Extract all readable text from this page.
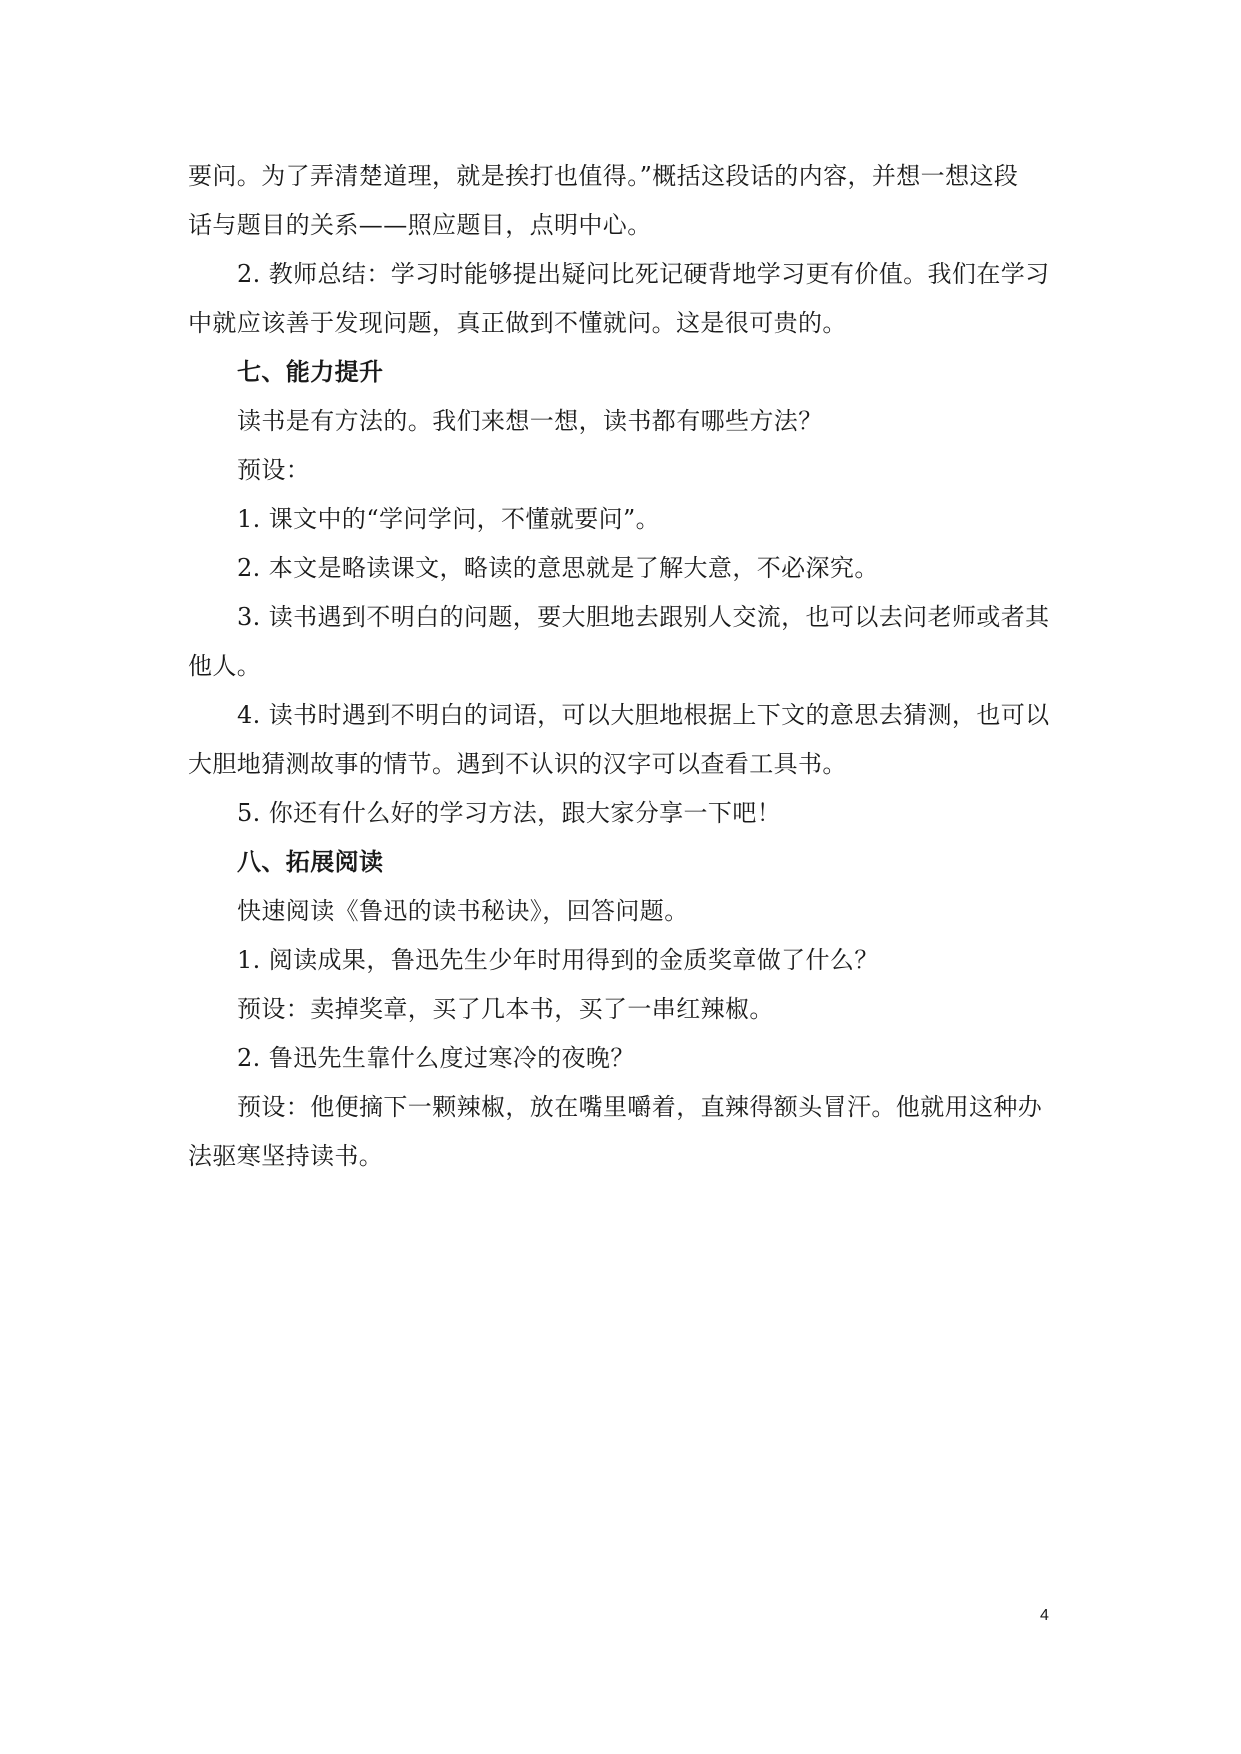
要问。为了弄清楚道理，就是挨打也值得。”概括这段话的内容，并想一想这段
话与题目的关系——照应题目，点明中心。
2. 教师总结：学习时能够提出疑问比死记硬背地学习更有价值。我们在学习
中就应该善于发现问题，真正做到不懂就问。这是很可贵的。
七、能力提升
读书是有方法的。我们来想一想，读书都有哪些方法？
预设：
1. 课文中的“学问学问，不懂就要问”。
2. 本文是略读课文，略读的意思就是了解大意，不必深究。
3. 读书遇到不明白的问题，要大胆地去跟别人交流，也可以去问老师或者其
他人。
4. 读书时遇到不明白的词语，可以大胆地根据上下文的意思去猜测，也可以
大胆地猜测故事的情节。遇到不认识的汉字可以查看工具书。
5. 你还有什么好的学习方法，跟大家分享一下吧！
八、拓展阅读
快速阅读《鲁迅的读书秘诀》，回答问题。
1. 阅读成果，鲁迅先生少年时用得到的金质奖章做了什么？
预设：卖掉奖章，买了几本书，买了一串红辣椒。
2. 鲁迅先生靠什么度过寒冷的夜晚？
预设：他便摘下一颗辣椒，放在嘴里嚼着，直辣得额头冒汗。他就用这种办
法驱寒坚持读书。
4
